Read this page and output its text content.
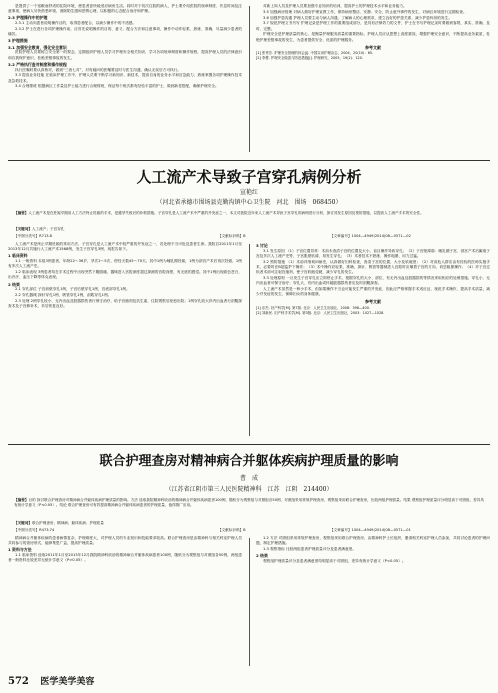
是提供了一个宽敞而舒适的住院环境，使患者更快地适应病房生活。同时对于初次住院的病人，护士要介绍医院的规章制度、作息时间及注意事项，使病人尽快熟悉环境，消除陌生感和恐惧心理，以积极的心态配合治疗和护理。

2.3 护理操作中的护理

2.3.1 主动向患者说明操作目的，取得患者配合，以减少操作中的不适感。

2.3.2 护士在进行各项护理操作前，应首先说明操作的目的、意义、配合方法和注意事项，操作中动作轻柔、熟练、准确，尽量减少患者的痛苦。

3 护理措施
3.1 加强安全教育，强化安全意识

医院护理人员要树立安全第一的观念，定期组织护理人员学习护理安全相关知识，学习各项规章制度和操作规程，提高护理人员的法律意识和自我保护意识，杜绝差错事故的发生。

3.2 严格执行查对制度和操作规程

执行医嘱时要认真核对，做到“三查七对”，对有疑问的医嘱要及时与医生沟通，确认无误后方可执行。

3.3 提高业务技能 在临床护理工作中，护理人员要不断学习新知识、新技术，提高自身的业务水平和应急能力，熟练掌握各项护理操作技术及急救技术。

3.4 合理排班 根据病区工作量及护士能力进行合理排班，保证每个班次都有经验丰富的护士，做到新老搭配，确保护理安全。

对新上岗人员及护理人员要加强专业知识的培训，提高护士的护理技术水平和业务能力。

3.5 加强病房管理 对病人做好护理宣教工作，保持病房整洁、安静、安全，防止意外事件的发生，对病区环境进行定期检查。

3.6 加强护患沟通 护理人员要主动与病人沟通，了解病人的心理需求，建立良好的护患关系，减少护患纠纷的发生。

3.7 规范护理文书书写 护理记录是护理工作的重要组成部分，是具有法律效力的文件，护士在书写护理记录时要做到客观、真实、准确、及时、完整。

护理安全是护理质量的核心，是衡量护理服务质量的重要指标，护理人员应从思想上高度重视，增强护理安全意识，不断提高业务素质，杜绝护理差错事故的发生，为患者提供安全、优质的护理服务。

参考文献

[1] 张秀芳. 护理安全管理的体会[J]. 中国实用护理杂志，2004，20(10)：65.

[2] 李慧. 护理安全隐患与防范措施[J]. 护理研究，2005，19(2)：120.

人工流产术导致子宫穿孔病例分析
宣艳红
（河北省承德市围场县克勤沟镇中心卫生院　河北　围场　068450）
【摘要】人工流产术是在妊娠早期用人工方法终止妊娠的手术，是避孕失败后的补救措施。子宫穿孔是人工流产术中严重的并发症之一，本文对我院近年来人工流产术导致子宫穿孔的病例进行分析，探讨其发生原因及预防措施，以提高人工流产手术的安全性。
【关键词】人工流产；子宫穿孔
【中图分类号】R713.8	【文献标识码】B	【文章编号】1004—4949(2014)08—0571—02

人工流产术是终止早期妊娠的常用方法，子宫穿孔是人工流产术中较严重的并发症之一，若处理不当可危及患者生命。我院自2011年1月至2013年12月共施行人工流产术1568例，发生子宫穿孔3例，现报告如下。

1 临床资料

1.1 一般资料 本组3例患者，年龄22～36岁，孕次2～5次，停经天数45～70天。其中1例为哺乳期妊娠，1例为剖宫产术后再次妊娠，1例有多次人工流产史。

1.2 临床表现 3例患者均在手术过程中出现突然下腹剧痛，器械进入宫腔深度超过探测的宫腔深度，有无底的感觉。其中1例出现面色苍白、出冷汗、血压下降等休克表现。

2 结果

2.1 穿孔部位 子宫前壁穿孔1例，子宫后壁穿孔1例，宫底部穿孔1例。

2.2 穿孔器械 探针穿孔1例，吸管穿孔1例，刮匙穿孔1例。

2.3 处理 2例穿孔较小、无内出血及脏器损伤者行保守治疗，给予宫缩剂及抗生素，住院观察后痊愈出院；1例穿孔较大伴内出血者行剖腹探查术及子宫修补术，术后恢复良好。

3 讨论

3.1 发生原因 （1）子宫位置异常：术前未查清子宫的位置及大小，盲目操作导致穿孔；（2）子宫壁薄弱：哺乳期子宫、剖宫产术后瘢痕子宫及多次人工流产史等，子宫肌壁软薄，易发生穿孔；（3）术者技术不熟练、操作粗暴，用力过猛。

3.2 预防措施 （1）术前详细询问病史，认真做好妇科检查，查清子宫的位置、大小及软硬度；（2）对高危人群应由有经验的医师实施手术，必要时在B超监护下操作；（3）术中操作应轻柔、准确，探针、吸管等器械进入宫腔时应顺着子宫的方向，切忌粗暴操作；（4）对子宫过软者术前可注射宫缩剂，使子宫收缩变硬，减少穿孔的发生。

3.3 处理原则 一旦发生子宫穿孔应立即停止手术，根据穿孔的大小、部位、有无内出血及脏器损伤等情况采取相应的处理措施。穿孔小、无内出血者可保守治疗；穿孔大、有内出血或怀疑脏器损伤者应及时剖腹探查。

人工流产术虽然是一种小手术，但如果操作不当也可能发生严重的并发症，因此应严格掌握手术适应证，规范手术操作，提高手术质量，减少并发症的发生，保障妇女的身体健康。

参考文献

[1] 乐杰. 妇产科学[M]. 第7版. 北京：人民卫生出版社，2008：398—400.

[2] 刘新民. 妇产科手术学[M]. 第3版. 北京：人民卫生出版社，2003：1027—1028.

联合护理查房对精神病合并躯体疾病护理质量的影响
曹　成
（江苏省江阴市第三人民医院精神科　江苏　江阴　214400）
【摘要】目的 探讨联合护理查房对精神病合并躯体疾病护理质量的影响。方法 选取我院精神科收治的精神病合并躯体疾病患者100例，随机分为观察组与对照组各50例，对照组采用常规护理查房，观察组采用联合护理查房，比较两组护理质量。结果 观察组护理质量评分明显高于对照组，差异具有统计学意义（P<0.05）。结论 联合护理查房可有效提高精神病合并躯体疾病患者的护理质量，值得推广应用。
【关键词】联合护理查房；精神病；躯体疾病；护理质量
【中图分类号】R473.74	【文献标识码】B	【文章编号】1004—4949(2014)08—0571—01

精神病合并躯体疾病的患者病情复杂，护理难度大，对护理人员的专业知识和技能要求较高。联合护理查房是由精神科与相关科室护理人员共同参与的查房形式，能够集思广益，提高护理质量。

1 资料与方法

1.1 临床资料 选取2011年1月至2013年12月我院精神科收治的精神病合并躯体疾病患者100例，随机分为观察组与对照组各50例，两组患者一般资料比较差异无统计学意义（P>0.05）。

1.2 方法 对照组采用常规护理查房，观察组采用联合护理查房，由精神科护士长组织，邀请相关科室护理人员参加，共同讨论患者的护理问题，制定护理措施。

1.3 观察指标 比较两组患者护理质量评分及患者满意度。

2 结果

观察组护理质量评分及患者满意度均明显高于对照组，差异有统计学意义（P<0.05）。

572 医学美学美容
